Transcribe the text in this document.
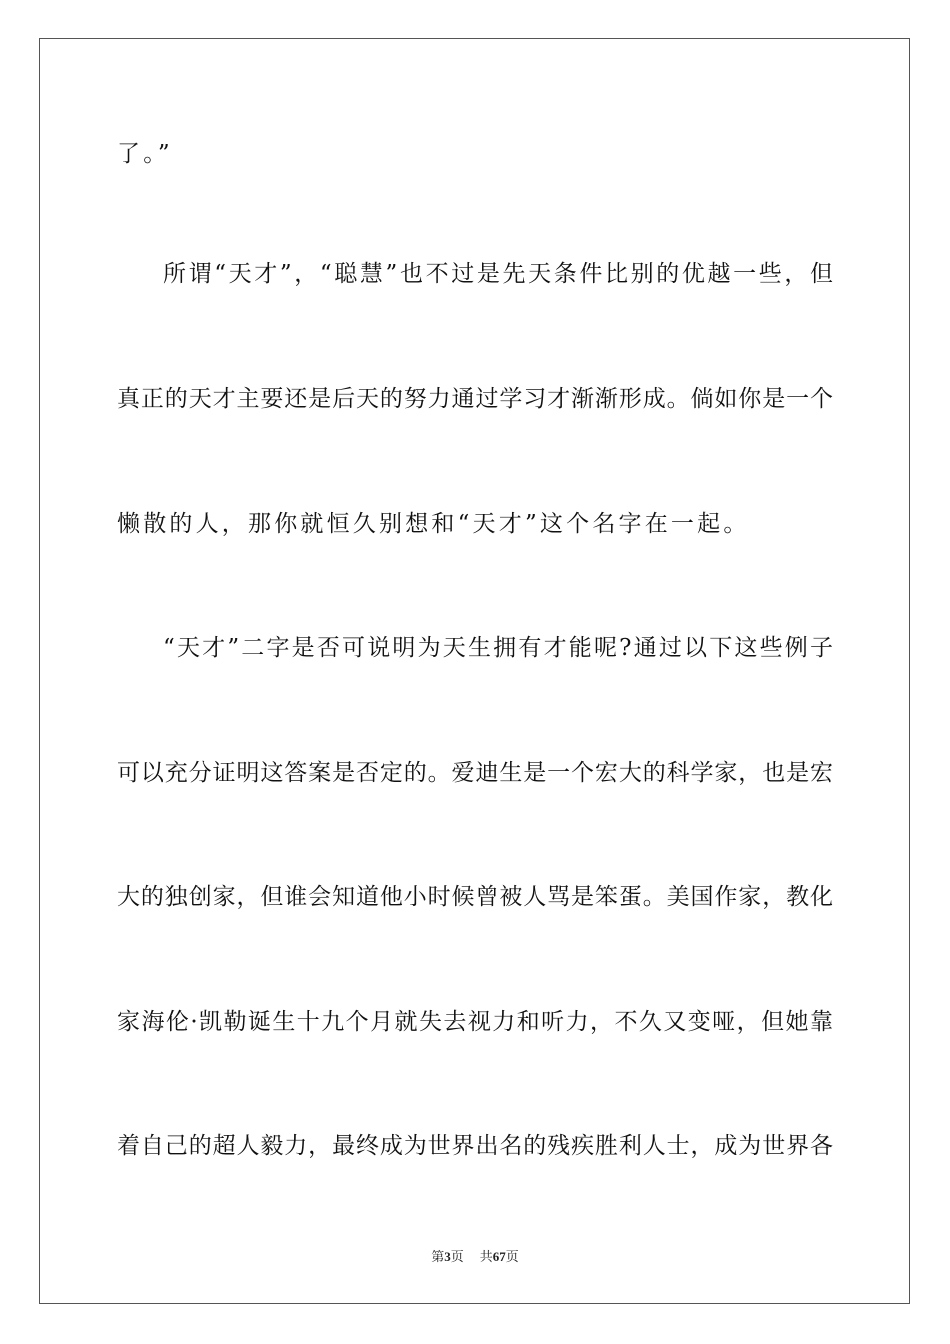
了。”
所谓“天才”，“聪慧”也不过是先天条件比别的优越一些，但
真正的天才主要还是后天的努力通过学习才渐渐形成。倘如你是一个
懒散的人，那你就恒久别想和“天才”这个名字在一起。
“天才”二字是否可说明为天生拥有才能呢?通过以下这些例子
可以充分证明这答案是否定的。爱迪生是一个宏大的科学家，也是宏
大的独创家，但谁会知道他小时候曾被人骂是笨蛋。美国作家，教化
家海伦·凯勒诞生十九个月就失去视力和听力，不久又变哑，但她靠
着自己的超人毅力，最终成为世界出名的残疾胜利人士，成为世界各
第3页 共67页
